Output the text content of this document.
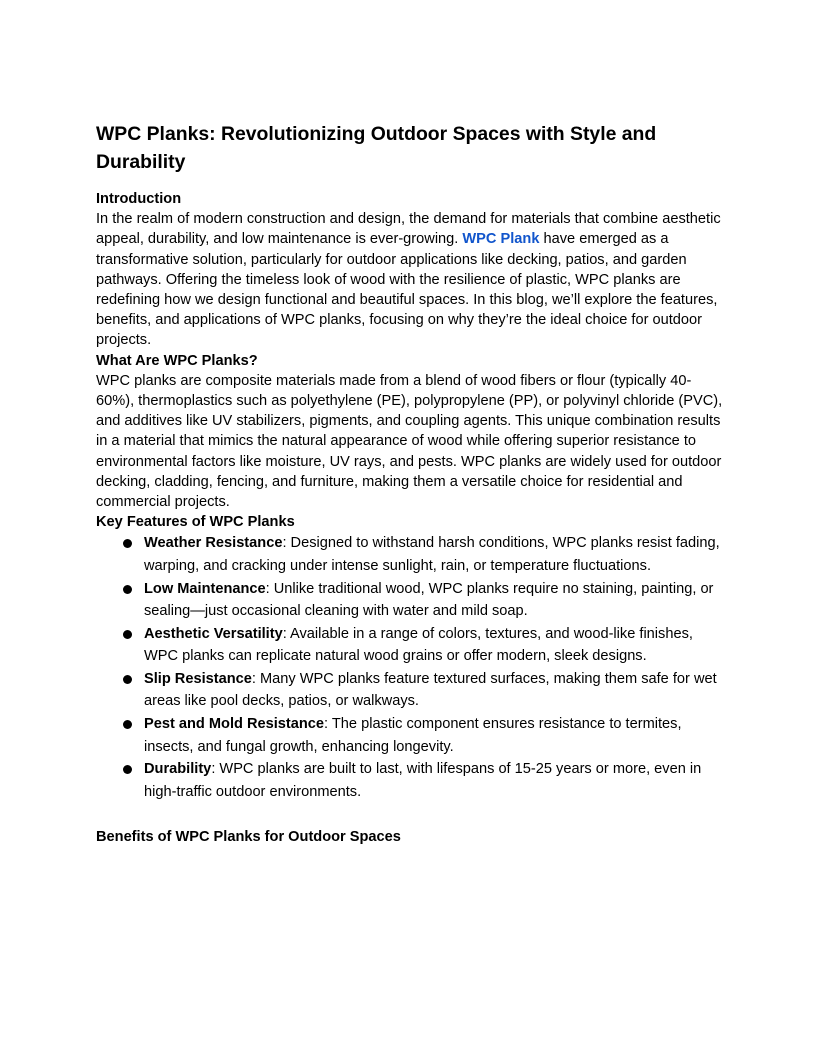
WPC Planks: Revolutionizing Outdoor Spaces with Style and Durability
Introduction

In the realm of modern construction and design, the demand for materials that combine aesthetic appeal, durability, and low maintenance is ever-growing. WPC Plank have emerged as a transformative solution, particularly for outdoor applications like decking, patios, and garden pathways. Offering the timeless look of wood with the resilience of plastic, WPC planks are redefining how we design functional and beautiful spaces. In this blog, we’ll explore the features, benefits, and applications of WPC planks, focusing on why they’re the ideal choice for outdoor projects.

What Are WPC Planks?

WPC planks are composite materials made from a blend of wood fibers or flour (typically 40-60%), thermoplastics such as polyethylene (PE), polypropylene (PP), or polyvinyl chloride (PVC), and additives like UV stabilizers, pigments, and coupling agents. This unique combination results in a material that mimics the natural appearance of wood while offering superior resistance to environmental factors like moisture, UV rays, and pests. WPC planks are widely used for outdoor decking, cladding, fencing, and furniture, making them a versatile choice for residential and commercial projects.

Key Features of WPC Planks
Weather Resistance: Designed to withstand harsh conditions, WPC planks resist fading, warping, and cracking under intense sunlight, rain, or temperature fluctuations.
Low Maintenance: Unlike traditional wood, WPC planks require no staining, painting, or sealing—just occasional cleaning with water and mild soap.
Aesthetic Versatility: Available in a range of colors, textures, and wood-like finishes, WPC planks can replicate natural wood grains or offer modern, sleek designs.
Slip Resistance: Many WPC planks feature textured surfaces, making them safe for wet areas like pool decks, patios, or walkways.
Pest and Mold Resistance: The plastic component ensures resistance to termites, insects, and fungal growth, enhancing longevity.
Durability: WPC planks are built to last, with lifespans of 15-25 years or more, even in high-traffic outdoor environments.
Benefits of WPC Planks for Outdoor Spaces
